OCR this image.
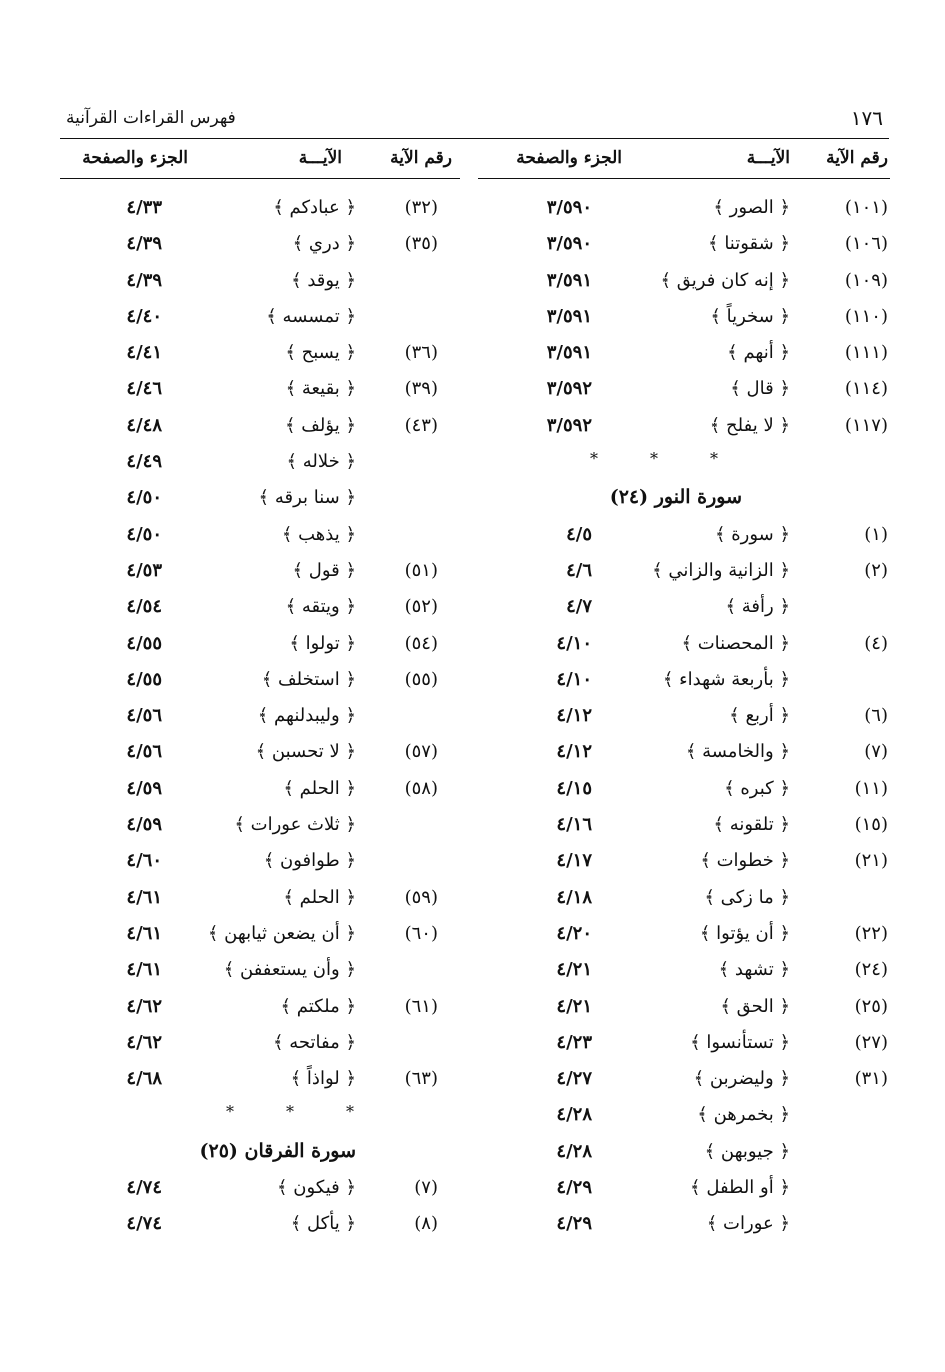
١٧٦
فهرس القراءات القرآنية
رقم الآية
الآيـــة
الجزء والصفحة
(١٠١)
﴿ الصور ﴾
٣/٥٩٠
(١٠٦)
﴿ شقوتنا ﴾
٣/٥٩٠
(١٠٩)
﴿ إنه كان فريق ﴾
٣/٥٩١
(١١٠)
﴿ سخرياً ﴾
٣/٥٩١
(١١١)
﴿ أنهم ﴾
٣/٥٩١
(١١٤)
﴿ قال ﴾
٣/٥٩٢
(١١٧)
﴿ لا يفلح ﴾
٣/٥٩٢
***
سورة النور (٢٤)
(١)
﴿ سورة ﴾
٤/٥
(٢)
﴿ الزانية والزاني ﴾
٤/٦
﴿ رأفة ﴾
٤/٧
(٤)
﴿ المحصنات ﴾
٤/١٠
﴿ بأربعة شهداء ﴾
٤/١٠
(٦)
﴿ أربع ﴾
٤/١٢
(٧)
﴿ والخامسة ﴾
٤/١٢
(١١)
﴿ كبره ﴾
٤/١٥
(١٥)
﴿ تلقونه ﴾
٤/١٦
(٢١)
﴿ خطوات ﴾
٤/١٧
﴿ ما زكى ﴾
٤/١٨
(٢٢)
﴿ أن يؤتوا ﴾
٤/٢٠
(٢٤)
﴿ تشهد ﴾
٤/٢١
(٢٥)
﴿ الحق ﴾
٤/٢١
(٢٧)
﴿ تستأنسوا ﴾
٤/٢٣
(٣١)
﴿ وليضربن ﴾
٤/٢٧
﴿ بخمرهن ﴾
٤/٢٨
﴿ جيوبهن ﴾
٤/٢٨
﴿ أو الطفل ﴾
٤/٢٩
﴿ عورات ﴾
٤/٢٩
رقم الآية
الآيـــة
الجزء والصفحة
(٣٢)
﴿ عبادكم ﴾
٤/٣٣
(٣٥)
﴿ دري ﴾
٤/٣٩
﴿ يوقد ﴾
٤/٣٩
﴿ تمسسه ﴾
٤/٤٠
(٣٦)
﴿ يسبح ﴾
٤/٤١
(٣٩)
﴿ بقيعة ﴾
٤/٤٦
(٤٣)
﴿ يؤلف ﴾
٤/٤٨
﴿ خلاله ﴾
٤/٤٩
﴿ سنا برقه ﴾
٤/٥٠
﴿ يذهب ﴾
٤/٥٠
(٥١)
﴿ قول ﴾
٤/٥٣
(٥٢)
﴿ ويتقه ﴾
٤/٥٤
(٥٤)
﴿ تولوا ﴾
٤/٥٥
(٥٥)
﴿ استخلف ﴾
٤/٥٥
﴿ وليبدلنهم ﴾
٤/٥٦
(٥٧)
﴿ لا تحسبن ﴾
٤/٥٦
(٥٨)
﴿ الحلم ﴾
٤/٥٩
﴿ ثلاث عورات ﴾
٤/٥٩
﴿ طوافون ﴾
٤/٦٠
(٥٩)
﴿ الحلم ﴾
٤/٦١
(٦٠)
﴿ أن يضعن ثيابهن ﴾
٤/٦١
﴿ وأن يستعففن ﴾
٤/٦١
(٦١)
﴿ ملكتم ﴾
٤/٦٢
﴿ مفاتحه ﴾
٤/٦٢
(٦٣)
﴿ لواذاً ﴾
٤/٦٨
***
سورة الفرقان (٢٥)
(٧)
﴿ فيكون ﴾
٤/٧٤
(٨)
﴿ يأكل ﴾
٤/٧٤
